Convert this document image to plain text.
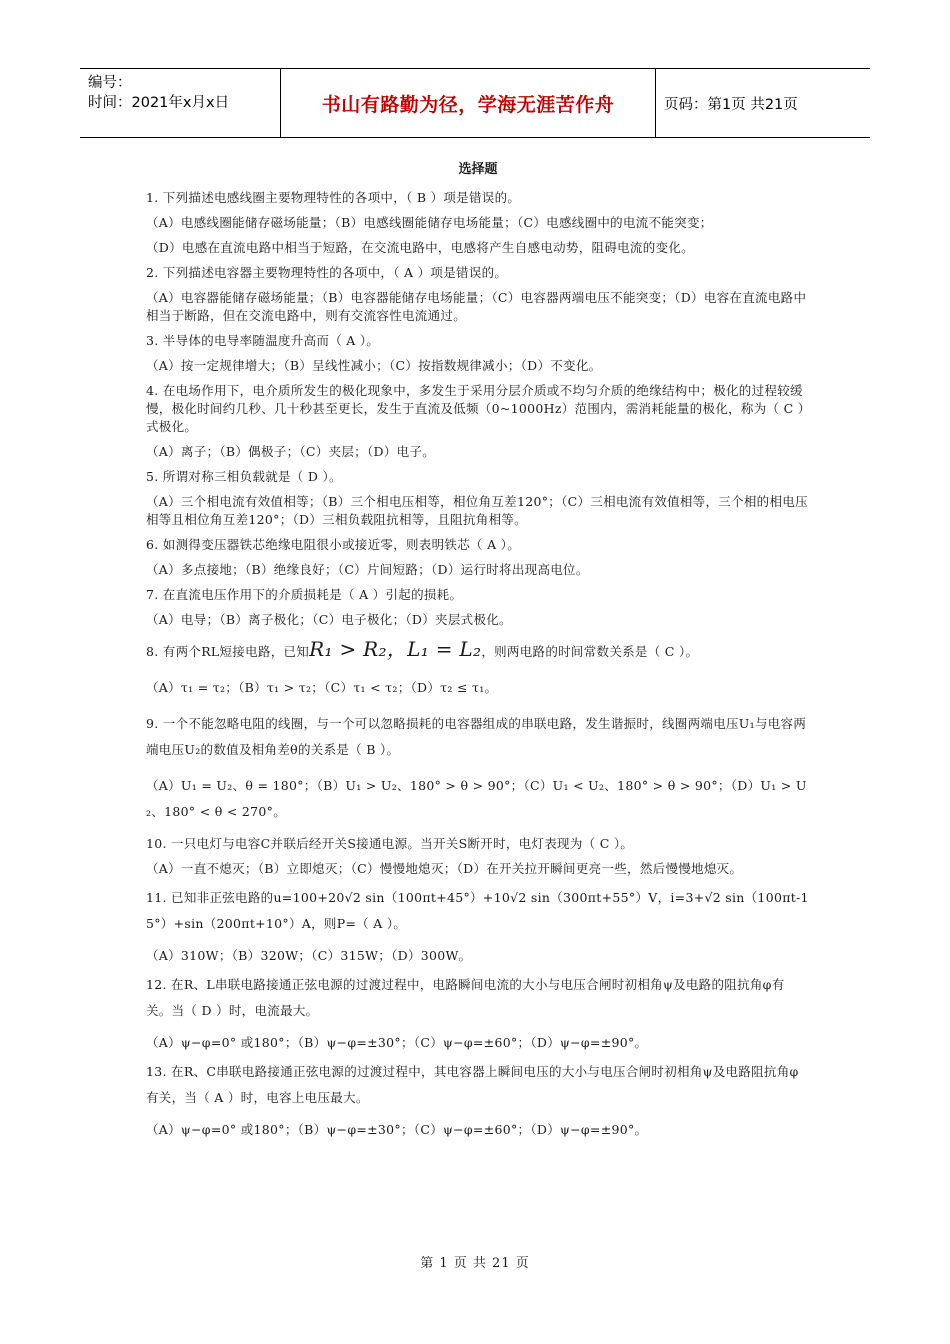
编号：
时间：2021年x月x日	书山有路勤为径，学海无涯苦作舟	页码：第1页 共21页
选择题
1. 下列描述电感线圈主要物理特性的各项中，（ B ）项是错误的。
（A）电感线圈能储存磁场能量；（B）电感线圈能储存电场能量；（C）电感线圈中的电流不能突变；
（D）电感在直流电路中相当于短路，在交流电路中，电感将产生自感电动势，阻碍电流的变化。
2. 下列描述电容器主要物理特性的各项中，（ A ）项是错误的。
（A）电容器能储存磁场能量；（B）电容器能储存电场能量；（C）电容器两端电压不能突变；（D）电容在直流电路中相当于断路，但在交流电路中，则有交流容性电流通过。
3. 半导体的电导率随温度升高而（ A ）。
（A）按一定规律增大；（B）呈线性减小；（C）按指数规律减小；（D）不变化。
4. 在电场作用下，电介质所发生的极化现象中，多发生于采用分层介质或不均匀介质的绝缘结构中；极化的过程较缓慢，极化时间约几秒、几十秒甚至更长，发生于直流及低频（0~1000Hz）范围内，需消耗能量的极化，称为（ C ）式极化。
（A）离子；（B）偶极子；（C）夹层；（D）电子。
5. 所谓对称三相负载就是（ D ）。
（A）三个相电流有效值相等；（B）三个相电压相等，相位角互差120°；（C）三相电流有效值相等，三个相的相电压相等且相位角互差120°；（D）三相负载阻抗相等，且阻抗角相等。
6. 如测得变压器铁芯绝缘电阻很小或接近零，则表明铁芯（ A ）。
（A）多点接地；（B）绝缘良好；（C）片间短路；（D）运行时将出现高电位。
7. 在直流电压作用下的介质损耗是（ A ）引起的损耗。
（A）电导；（B）离子极化；（C）电子极化；（D）夹层式极化。
8. 有两个RL短接电路，已知R₁ > R₂，L₁ = L₂，则两电路的时间常数关系是（ C ）。
（A）τ₁ = τ₂；（B）τ₁ > τ₂；（C）τ₁ < τ₂；（D）τ₂ ≤ τ₁。
9. 一个不能忽略电阻的线圈，与一个可以忽略损耗的电容器组成的串联电路，发生谐振时，线圈两端电压U₁与电容两端电压U₂的数值及相角差θ的关系是（ B ）。
（A）U₁ = U₂、θ = 180°；（B）U₁ > U₂、180° > θ > 90°；（C）U₁ < U₂、180° > θ > 90°；（D）U₁ > U₂、180° < θ < 270°。
10. 一只电灯与电容C并联后经开关S接通电源。当开关S断开时，电灯表现为（ C ）。
（A）一直不熄灭；（B）立即熄灭；（C）慢慢地熄灭；（D）在开关拉开瞬间更亮一些，然后慢慢地熄灭。
11. 已知非正弦电路的u=100+20√2 sin（100πt+45°）+10√2 sin（300πt+55°）V，i=3+√2 sin（100πt-15°）+sin（200πt+10°）A，则P=（ A ）。
（A）310W；（B）320W；（C）315W；（D）300W。
12. 在R、L串联电路接通正弦电源的过渡过程中，电路瞬间电流的大小与电压合闸时初相角ψ及电路的阻抗角φ有关。当（ D ）时，电流最大。
（A）ψ−φ=0° 或180°；（B）ψ−φ=±30°；（C）ψ−φ=±60°；（D）ψ−φ=±90°。
13. 在R、C串联电路接通正弦电源的过渡过程中，其电容器上瞬间电压的大小与电压合闸时初相角ψ及电路阻抗角φ有关，当（ A ）时，电容上电压最大。
（A）ψ−φ=0° 或180°；（B）ψ−φ=±30°；（C）ψ−φ=±60°；（D）ψ−φ=±90°。
第 1 页 共 21 页
